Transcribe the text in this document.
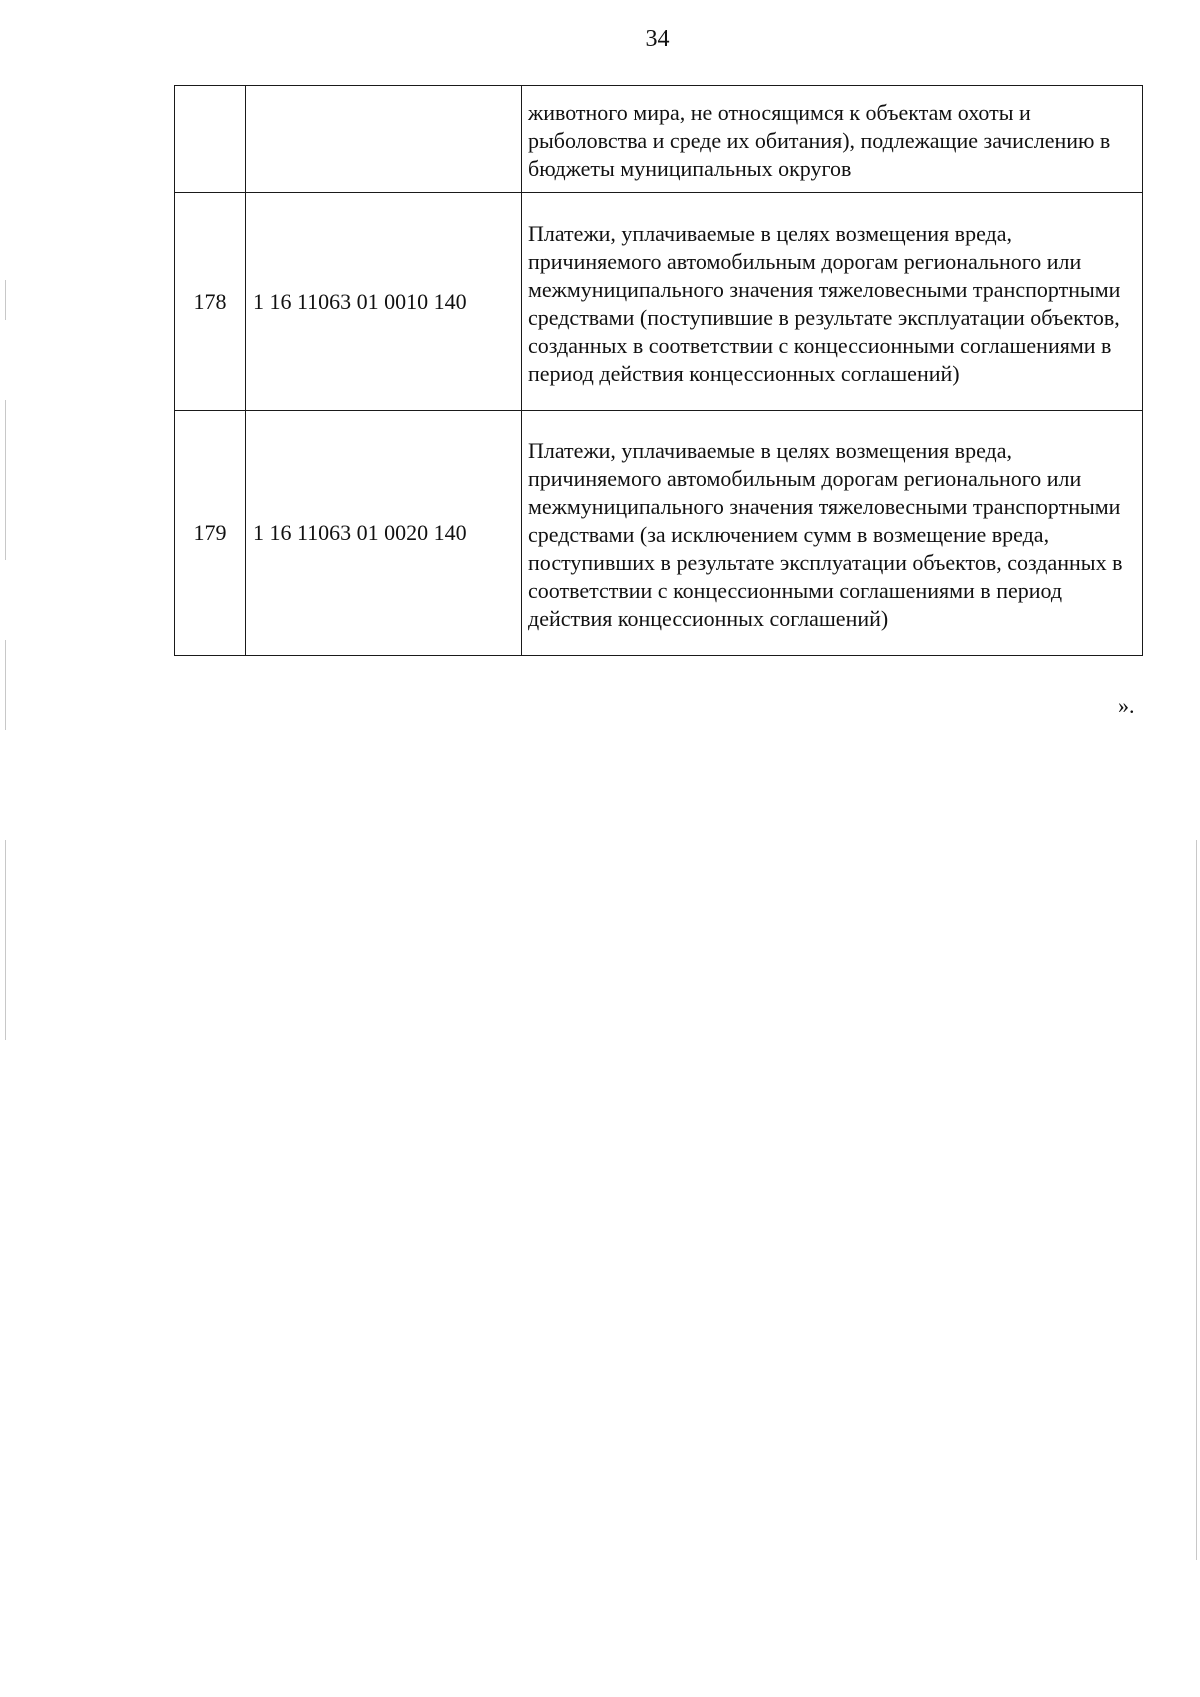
34
		животного мира, не относящимся к объектам охоты и рыболовства и среде их обитания), подлежащие зачислению в бюджеты муниципальных округов
178	1 16 11063 01 0010 140	Платежи, уплачиваемые в целях возмещения вреда, причиняемого автомобильным дорогам регионального или межмуниципального значения тяжеловесными транспортными средствами (поступившие в результате эксплуатации объектов, созданных в соответствии с концессионными соглашениями в период действия концессионных соглашений)
179	1 16 11063 01 0020 140	Платежи, уплачиваемые в целях возмещения вреда, причиняемого автомобильным дорогам регионального или межмуниципального значения тяжеловесными транспортными средствами (за исключением сумм в возмещение вреда, поступивших в результате эксплуатации объектов, созданных в соответствии с концессионными соглашениями в период действия концессионных соглашений)
».
